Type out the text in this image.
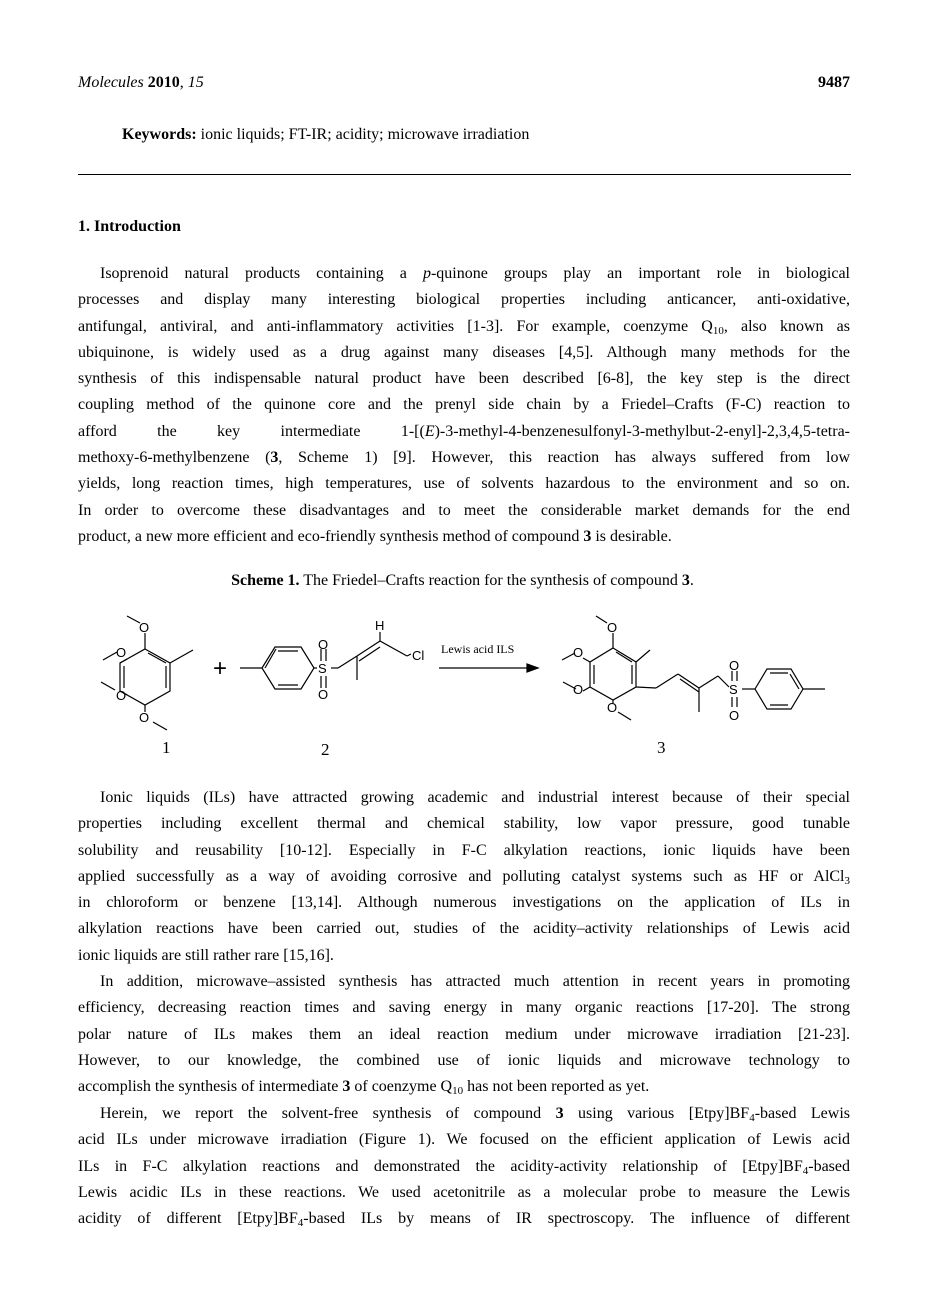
Molecules 2010, 15	9487
Keywords: ionic liquids; FT-IR; acidity; microwave irradiation
1. Introduction
Isoprenoid natural products containing a p-quinone groups play an important role in biological
processes and display many interesting biological properties including anticancer, anti-oxidative,
antifungal, antiviral, and anti-inflammatory activities [1-3]. For example, coenzyme $Q_{10}$, also known as
ubiquinone, is widely used as a drug against many diseases [4,5]. Although many methods for the
synthesis of this indispensable natural product have been described [6-8], the key step is the direct
coupling method of the quinone core and the prenyl side chain by a Friedel–Crafts (F-C) reaction to
afford the key intermediate 1-[(E)-3-methyl-4-benzenesulfonyl-3-methylbut-2-enyl]-2,3,4,5-tetra-
methoxy-6-methylbenzene (3, Scheme 1) [9]. However, this reaction has always suffered from low
yields, long reaction times, high temperatures, use of solvents hazardous to the environment and so on.
In order to overcome these disadvantages and to meet the considerable market demands for the end
product, a new more efficient and eco-friendly synthesis method of compound 3 is desirable.
Scheme 1. The Friedel–Crafts reaction for the synthesis of compound 3.
O
O
O
O
+
O
S
O
H
Cl Lewis acid ILS
O
O
O
O
O
S
O
1	2	3
Ionic liquids (ILs) have attracted growing academic and industrial interest because of their special
properties including excellent thermal and chemical stability, low vapor pressure, good tunable
solubility and reusability [10-12]. Especially in F-C alkylation reactions, ionic liquids have been
applied successfully as a way of avoiding corrosive and polluting catalyst systems such as HF or AlCl$_3$
in chloroform or benzene [13,14]. Although numerous investigations on the application of ILs in
alkylation reactions have been carried out, studies of the acidity–activity relationships of Lewis acid
ionic liquids are still rather rare [15,16].
In addition, microwave–assisted synthesis has attracted much attention in recent years in promoting
efficiency, decreasing reaction times and saving energy in many organic reactions [17-20]. The strong
polar nature of ILs makes them an ideal reaction medium under microwave irradiation [21-23].
However, to our knowledge, the combined use of ionic liquids and microwave technology to
accomplish the synthesis of intermediate 3 of coenzyme $Q_{10}$ has not been reported as yet.
Herein, we report the solvent-free synthesis of compound 3 using various $[Etpy]BF_4$-based Lewis
acid ILs under microwave irradiation (Figure 1). We focused on the efficient application of Lewis acid
ILs in F-C alkylation reactions and demonstrated the acidity-activity relationship of $[Etpy]BF_4$-based
Lewis acidic ILs in these reactions. We used acetonitrile as a molecular probe to measure the Lewis
acidity of different $[Etpy]BF_4$-based ILs by means of IR spectroscopy. The influence of different
